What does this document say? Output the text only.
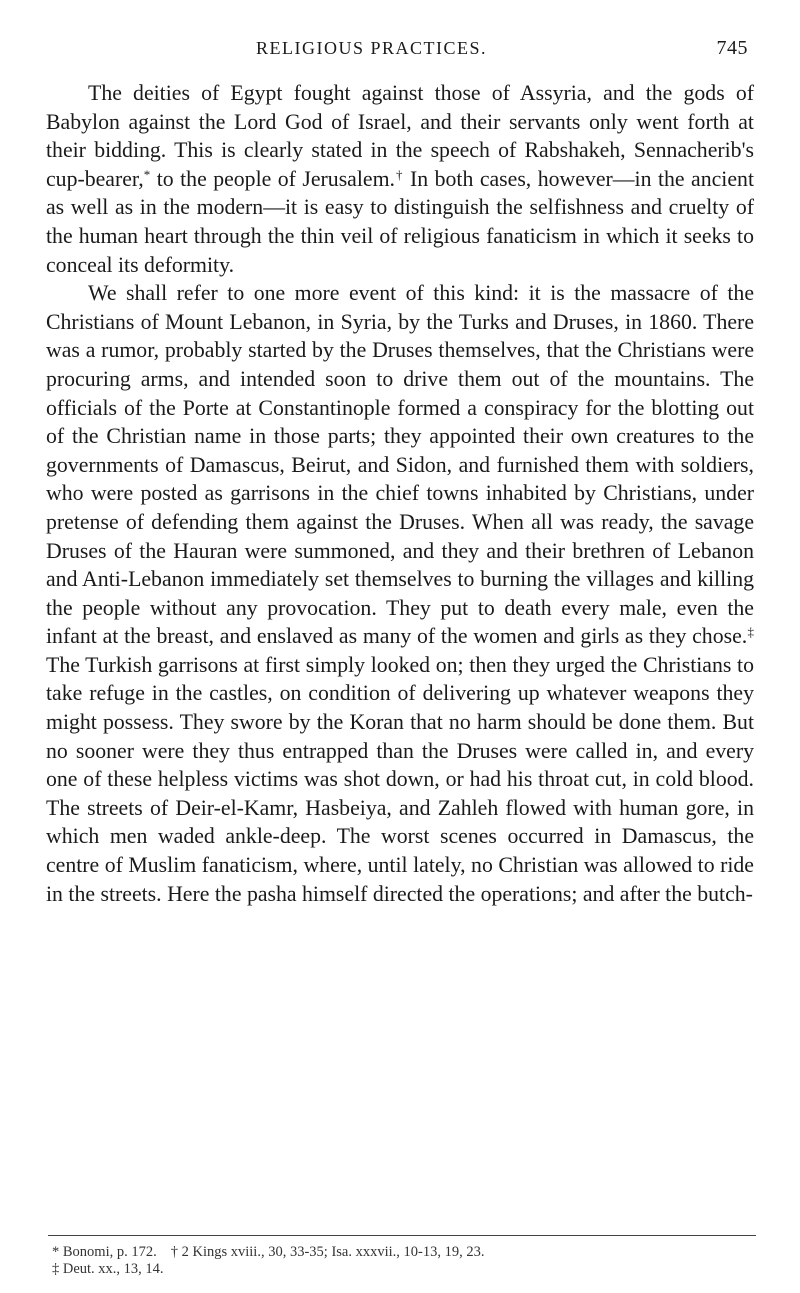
RELIGIOUS PRACTICES.	745

The deities of Egypt fought against those of Assyria, and the gods of Babylon against the Lord God of Israel, and their servants only went forth at their bidding. This is clearly stated in the speech of Rabshakeh, Sennacherib's cup-bearer,* to the people of Jerusalem.† In both cases, however—in the ancient as well as in the modern—it is easy to distinguish the selfishness and cruelty of the human heart through the thin veil of religious fanaticism in which it seeks to conceal its deformity.

We shall refer to one more event of this kind: it is the massacre of the Christians of Mount Lebanon, in Syria, by the Turks and Druses, in 1860. There was a rumor, probably started by the Druses themselves, that the Christians were procuring arms, and intended soon to drive them out of the mountains. The officials of the Porte at Constantinople formed a conspiracy for the blotting out of the Christian name in those parts; they appointed their own creatures to the governments of Damascus, Beirut, and Sidon, and furnished them with soldiers, who were posted as garrisons in the chief towns inhabited by Christians, under pretense of defending them against the Druses. When all was ready, the savage Druses of the Hauran were summoned, and they and their brethren of Lebanon and Anti-Lebanon immediately set themselves to burning the villages and killing the people without any provocation. They put to death every male, even the infant at the breast, and enslaved as many of the women and girls as they chose.‡ The Turkish garrisons at first simply looked on; then they urged the Christians to take refuge in the castles, on condition of delivering up whatever weapons they might possess. They swore by the Koran that no harm should be done them. But no sooner were they thus entrapped than the Druses were called in, and every one of these helpless victims was shot down, or had his throat cut, in cold blood. The streets of Deir-el-Kamr, Hasbeiya, and Zahleh flowed with human gore, in which men waded ankle-deep. The worst scenes occurred in Damascus, the centre of Muslim fanaticism, where, until lately, no Christian was allowed to ride in the streets. Here the pasha himself directed the operations; and after the butch-

* Bonomi, p. 172. † 2 Kings xviii., 30, 33-35; Isa. xxxvii., 10-13, 19, 23.
‡ Deut. xx., 13, 14.
